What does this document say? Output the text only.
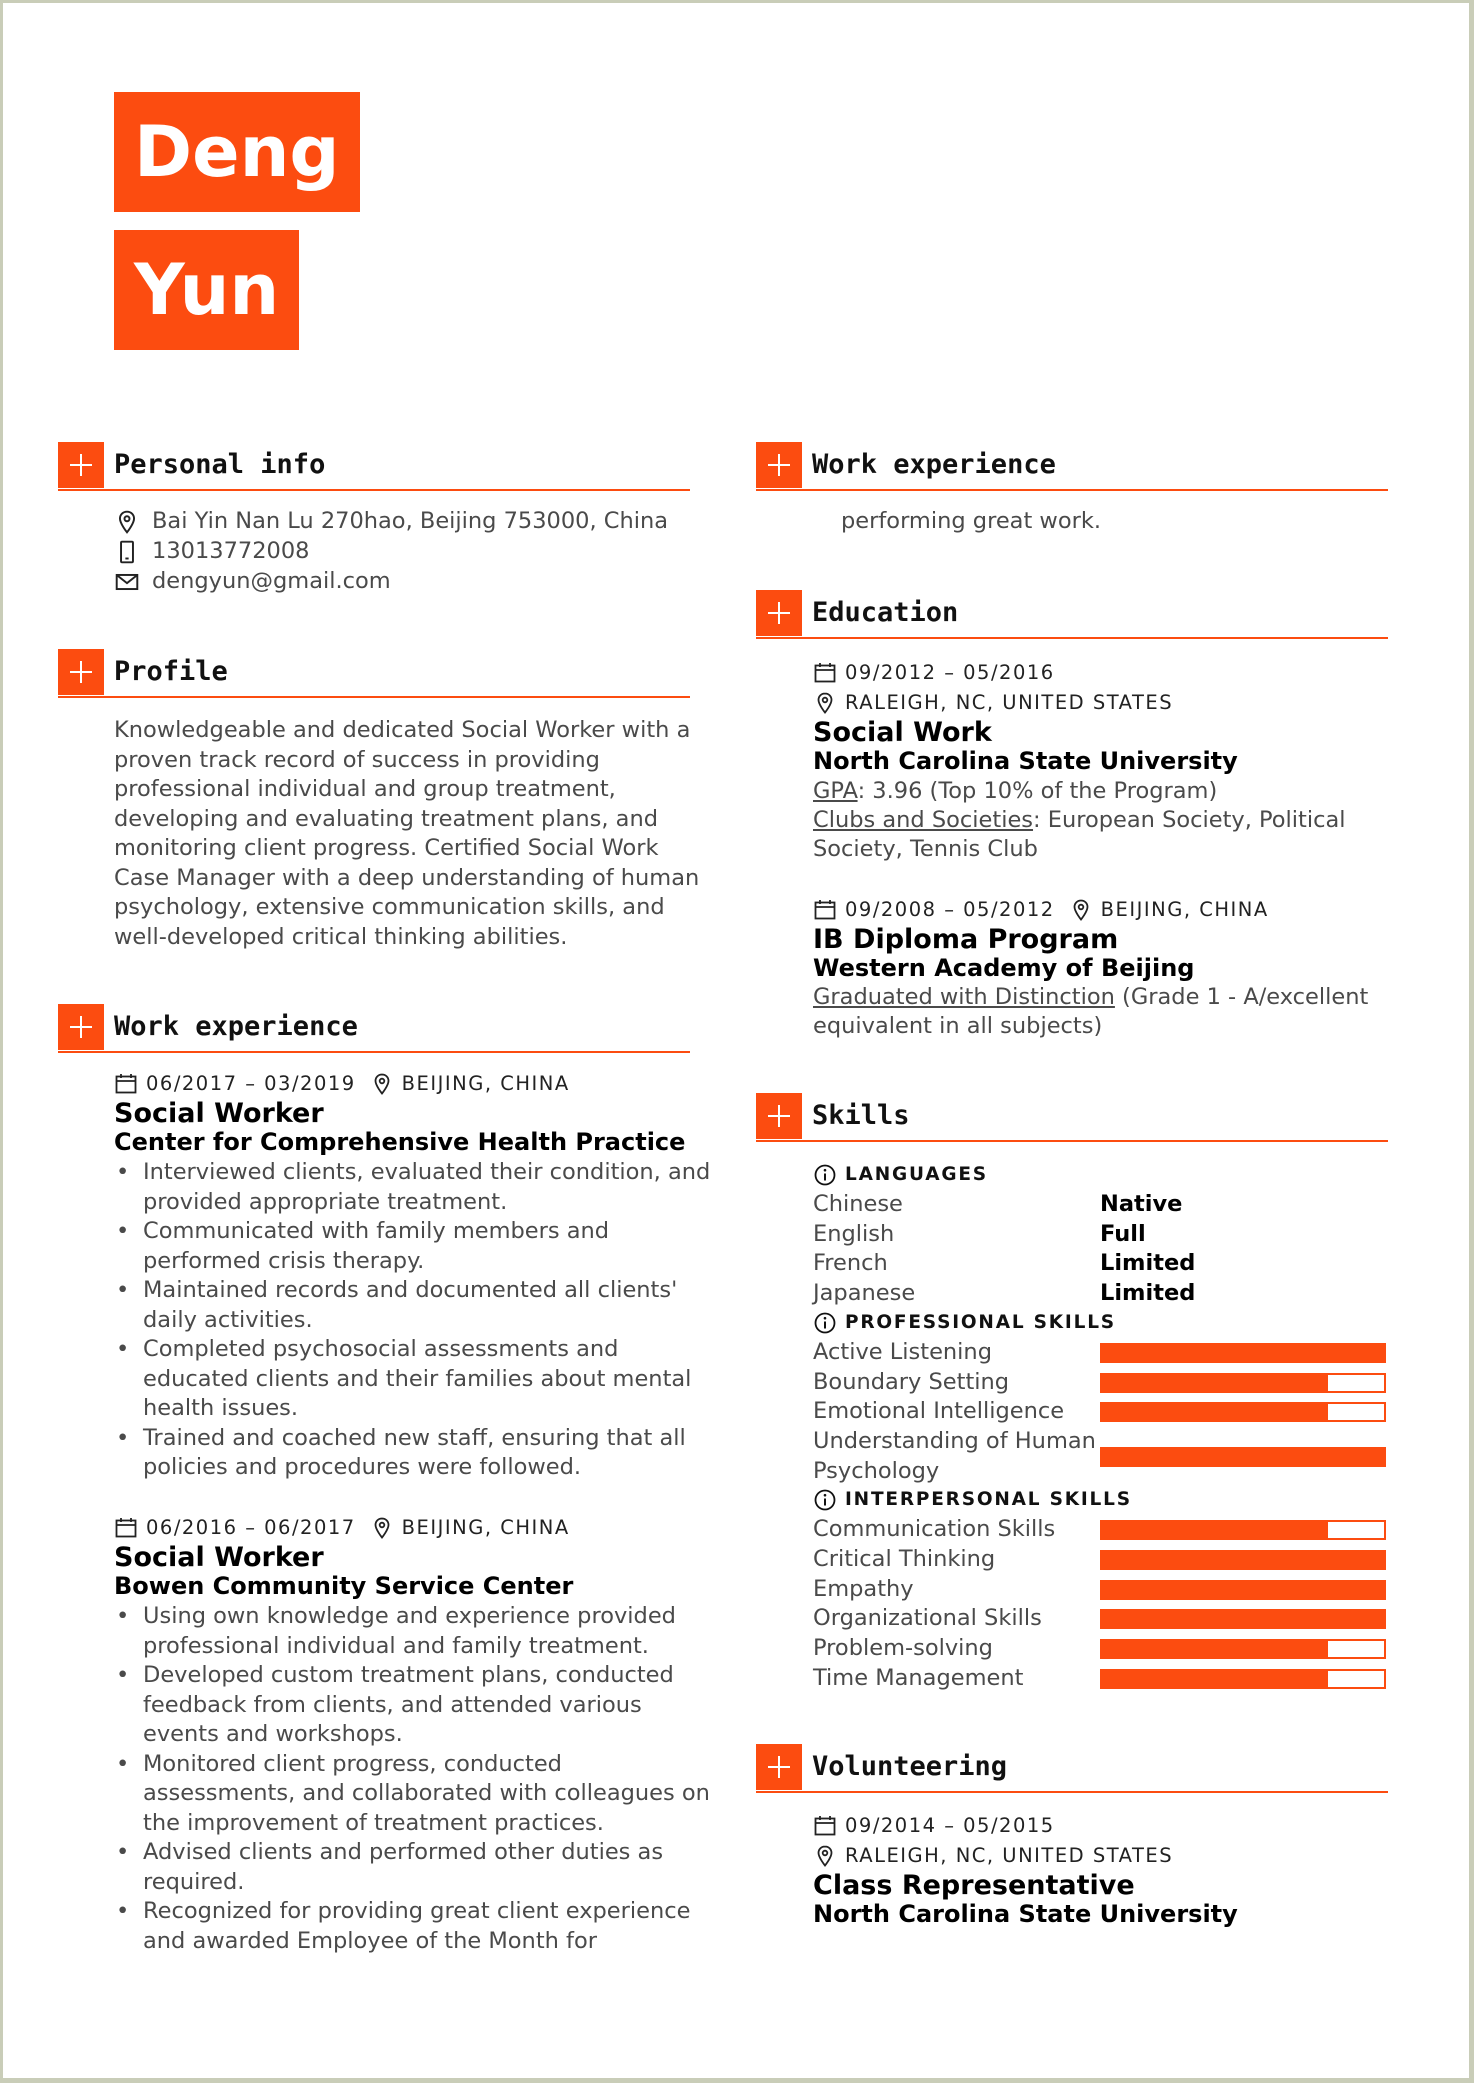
Deng
Yun
Personal info
Bai Yin Nan Lu 270hao, Beijing 753000, China
13013772008
dengyun@gmail.com
Profile
Knowledgeable and dedicated Social Worker with a
proven track record of success in providing
professional individual and group treatment,
developing and evaluating treatment plans, and
monitoring client progress. Certified Social Work
Case Manager with a deep understanding of human
psychology, extensive communication skills, and
well-developed critical thinking abilities.
Work experience
06/2017 – 03/2019 BEIJING, CHINA
Social Worker
Center for Comprehensive Health Practice
• Interviewed clients, evaluated their condition, and
provided appropriate treatment.
• Communicated with family members and
performed crisis therapy.
• Maintained records and documented all clients'
daily activities.
• Completed psychosocial assessments and
educated clients and their families about mental
health issues.
• Trained and coached new staff, ensuring that all
policies and procedures were followed.
06/2016 – 06/2017 BEIJING, CHINA
Social Worker
Bowen Community Service Center
• Using own knowledge and experience provided
professional individual and family treatment.
• Developed custom treatment plans, conducted
feedback from clients, and attended various
events and workshops.
• Monitored client progress, conducted
assessments, and collaborated with colleagues on
the improvement of treatment practices.
• Advised clients and performed other duties as
required.
• Recognized for providing great client experience
and awarded Employee of the Month for
Work experience
performing great work.
Education
09/2012 – 05/2016
RALEIGH, NC, UNITED STATES
Social Work
North Carolina State University
GPA: 3.96 (Top 10% of the Program)
Clubs and Societies: European Society, Political
Society, Tennis Club
09/2008 – 05/2012 BEIJING, CHINA
IB Diploma Program
Western Academy of Beijing
Graduated with Distinction (Grade 1 - A/excellent
equivalent in all subjects)
Skills
LANGUAGES
Chinese	Native
English	Full
French	Limited
Japanese	Limited
PROFESSIONAL SKILLS
Active Listening
Boundary Setting
Emotional Intelligence
Understanding of Human
Psychology
INTERPERSONAL SKILLS
Communication Skills
Critical Thinking
Empathy
Organizational Skills
Problem-solving
Time Management
Volunteering
09/2014 – 05/2015
RALEIGH, NC, UNITED STATES
Class Representative
North Carolina State University
